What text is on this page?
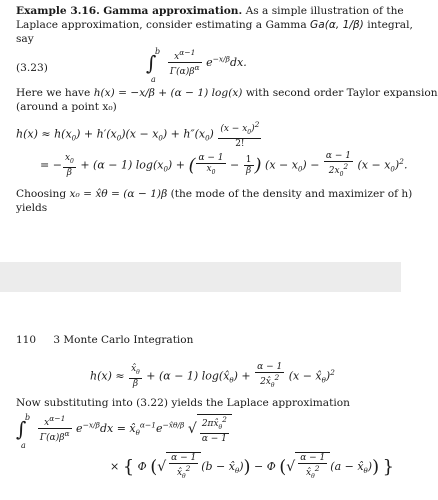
Example 3.16. Gamma approximation. As a simple illustration of the
Laplace approximation, consider estimating a Gamma Ga(α, 1/β) integral,
say
(3.23)	∫
b
a

$\frac{x^{\alpha-1}}{\Gamma(\alpha)\beta^\alpha} e^{-x/\beta}dx$.
Here we have h(x) = −x/β + (α − 1) log(x) with second order Taylor expansion
(around a point x₀)
$h(x) \approx h(x_0) + h'(x_0)(x - x_0) + h''(x_0) \frac{(x - x_0)^2}{2!}$
= − $\frac{x_0}{\beta} + (\alpha - 1) \log(x_0)$ + ( $\frac{\alpha - 1}{x_0} - \frac{1}{\beta}$ ) $(x - x_0) - \frac{\alpha - 1}{2x_0^2} (x - x_0)^2$.
Choosing x₀ = x̂θ = (α − 1)β (the mode of the density and maximizer of h)
yields
110 3 Monte Carlo Integration
$h(x) \approx \frac{x̂_\theta}{\beta} + (\alpha - 1)$ $\log(x̂_\theta) + \frac{\alpha - 1}{2x̂_\theta^2} (x$ − $x̂_\theta)^2$
Now substituting into (3.22) yields the Laplace approximation
∫
b
a

$\frac{x^{\alpha-1}}{\Gamma(\alpha)\beta^\alpha} e^{-x/\beta}dx$ = $x̂_\theta^{\alpha-1}e^{-x̂\theta/\beta}$ √ $\frac{2\pi x̂_\theta^2}{\alpha - 1}$
× { Φ (√ $\frac{\alpha - 1}{x̂_\theta^2} (b$ − $x̂_\theta)) - \Phi$ (√ $\frac{\alpha - 1}{x̂_\theta^2} (a$ − $x̂_\theta$)) }
